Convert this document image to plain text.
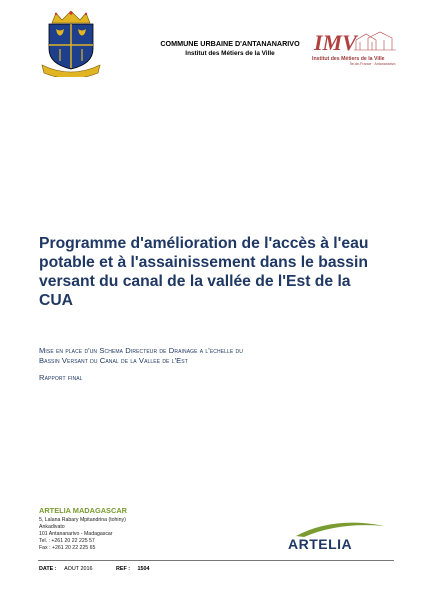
COMMUNE URBAINE D'ANTANANARIVO
Institut des Métiers de la Ville	IMV
Institut des Métiers de la Ville
Île-de-France · Antananarivo
Programme d'amélioration de l'accès à l'eau potable et à l'assainissement dans le bassin versant du canal de la vallée de l'Est de la CUA
Mise en place d'un Schema Directeur de Drainage a l'echelle du
Bassin Versant du Canal de la Vallee de l'Est
Rapport final
ARTELIA MADAGASCAR
5, Lalana Rabary Mpitandrina (tohiny)
Ankadivato
101 Antananarivo - Madagascar
Tel. : +261 20 22 225 57
Fax : +261 20 22 225 65	ARTELIA
DATE : AOUT 2016	REF : 1504
